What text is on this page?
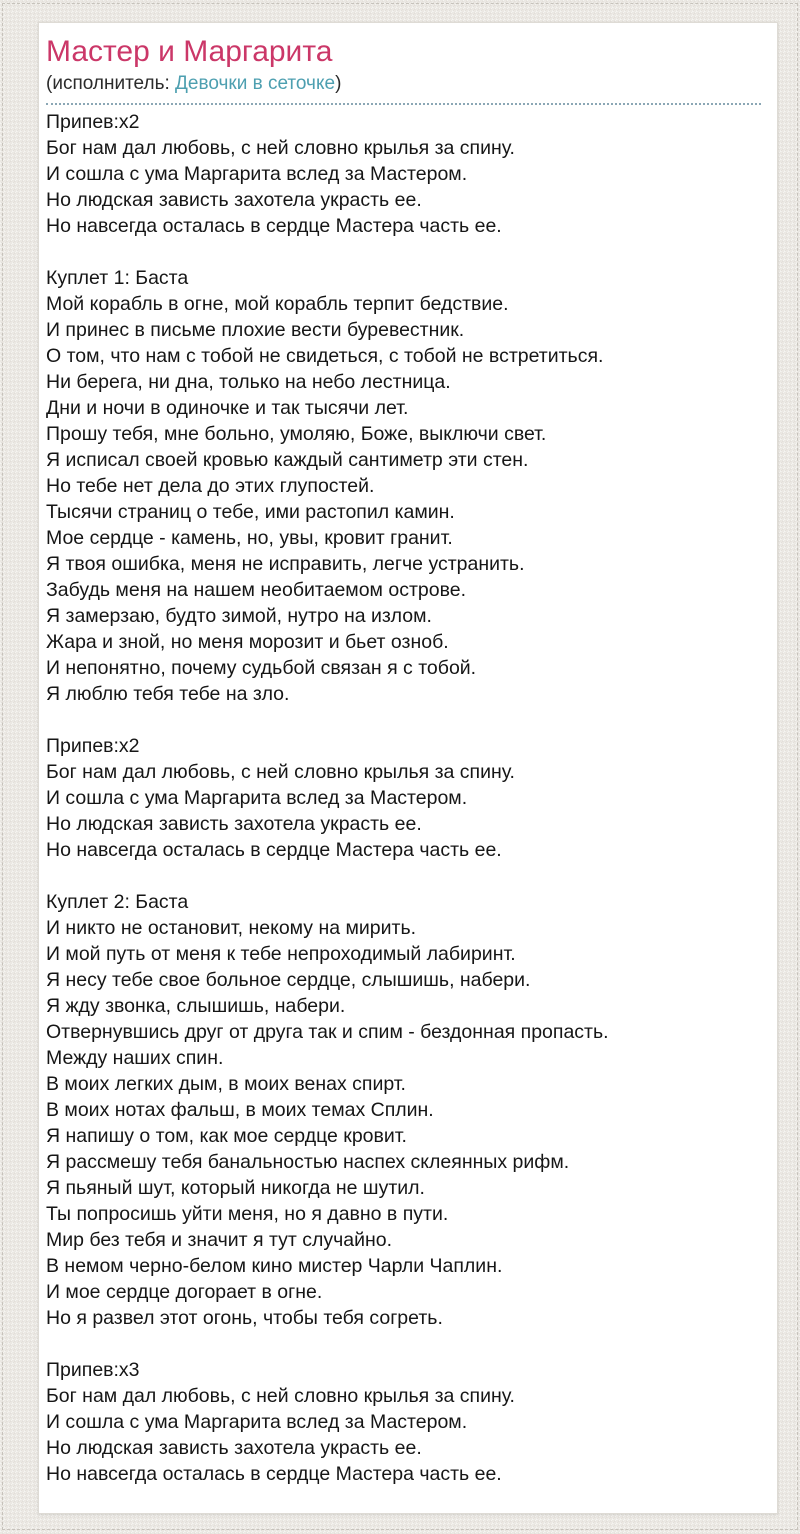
Мастер и Маргарита
(исполнитель: Девочки в сеточке)

Припев:х2
Бог нам дал любовь, с ней словно крылья за спину.
И сошла с ума Маргарита вслед за Мастером.
Но людская зависть захотела украсть ее.
Но навсегда осталась в сердце Мастера часть ее.

Куплет 1: Баста
Мой корабль в огне, мой корабль терпит бедствие.
И принес в письме плохие вести буревестник.
О том, что нам с тобой не свидеться, с тобой не встретиться.
Ни берега, ни дна, только на небо лестница.
Дни и ночи в одиночке и так тысячи лет.
Прошу тебя, мне больно, умоляю, Боже, выключи свет.
Я исписал своей кровью каждый сантиметр эти стен.
Но тебе нет дела до этих глупостей.
Тысячи страниц о тебе, ими растопил камин.
Мое сердце - камень, но, увы, кровит гранит.
Я твоя ошибка, меня не исправить, легче устранить.
Забудь меня на нашем необитаемом острове.
Я замерзаю, будто зимой, нутро на излом.
Жара и зной, но меня морозит и бьет озноб.
И непонятно, почему судьбой связан я с тобой.
Я люблю тебя тебе на зло.

Припев:х2
Бог нам дал любовь, с ней словно крылья за спину.
И сошла с ума Маргарита вслед за Мастером.
Но людская зависть захотела украсть ее.
Но навсегда осталась в сердце Мастера часть ее.

Куплет 2: Баста
И никто не остановит, некому на мирить.
И мой путь от меня к тебе непроходимый лабиринт.
Я несу тебе свое больное сердце, слышишь, набери.
Я жду звонка, слышишь, набери.
Отвернувшись друг от друга так и спим - бездонная пропасть.
Между наших спин.
В моих легких дым, в моих венах спирт.
В моих нотах фальш, в моих темах Сплин.
Я напишу о том, как мое сердце кровит.
Я рассмешу тебя банальностью наспех склеянных рифм.
Я пьяный шут, который никогда не шутил.
Ты попросишь уйти меня, но я давно в пути.
Мир без тебя и значит я тут случайно.
В немом черно-белом кино мистер Чарли Чаплин.
И мое сердце догорает в огне.
Но я развел этот огонь, чтобы тебя согреть.

Припев:х3
Бог нам дал любовь, с ней словно крылья за спину.
И сошла с ума Маргарита вслед за Мастером.
Но людская зависть захотела украсть ее.
Но навсегда осталась в сердце Мастера часть ее.
